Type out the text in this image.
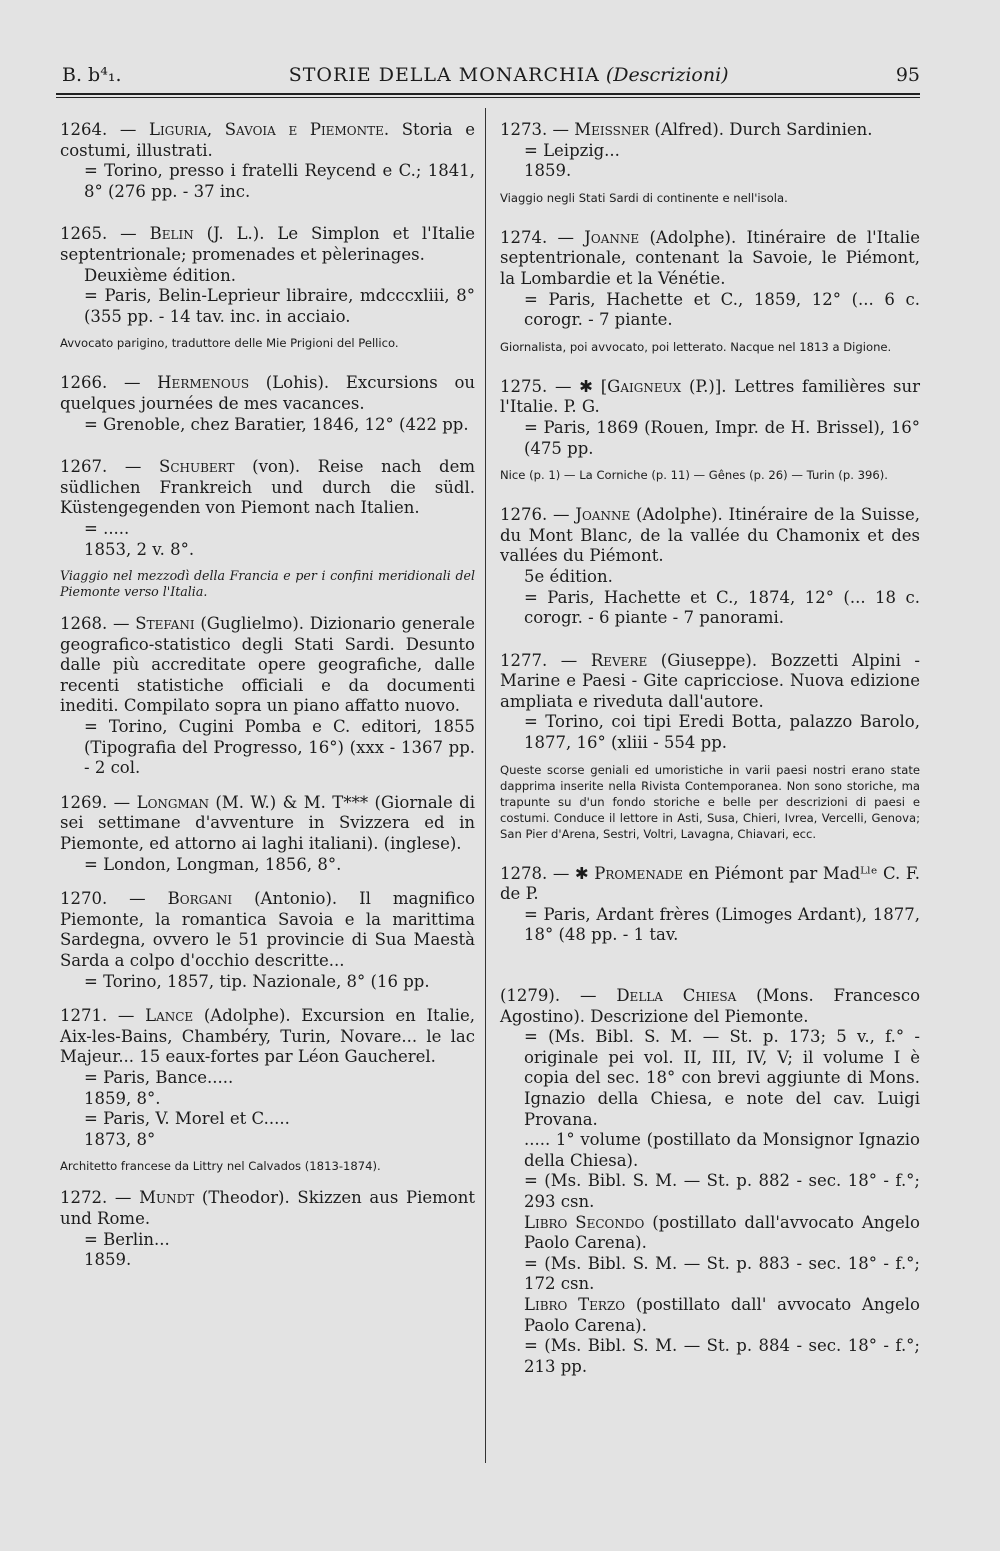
B. b⁴₁.	STORIE DELLA MONARCHIA (Descrizioni)	95

1264. — Liguria, Savoia e Piemonte. Storia e costumi, illustrati.
= Torino, presso i fratelli Reycend e C.; 1841, 8° (276 pp. - 37 inc.

1265. — Belin (J. L.). Le Simplon et l'Italie septentrionale; promenades et pèlerinages.
Deuxième édition.
= Paris, Belin-Leprieur libraire, mdcccxliii, 8° (355 pp. - 14 tav. inc. in acciaio.

Avvocato parigino, traduttore delle Mie Prigioni del Pellico.

1266. — Hermenous (Lohis). Excursions ou quelques journées de mes vacances.
= Grenoble, chez Baratier, 1846, 12° (422 pp.

1267. — Schubert (von). Reise nach dem südlichen Frankreich und durch die südl. Küstengegenden von Piemont nach Italien.
= .....
1853, 2 v. 8°.

Viaggio nel mezzodì della Francia e per i confini meridionali del Piemonte verso l'Italia.

1268. — Stefani (Guglielmo). Dizionario generale geografico-statistico degli Stati Sardi. Desunto dalle più accreditate opere geografiche, dalle recenti statistiche officiali e da documenti inediti. Compilato sopra un piano affatto nuovo.
= Torino, Cugini Pomba e C. editori, 1855 (Tipografia del Progresso, 16°) (xxx - 1367 pp. - 2 col.

1269. — Longman (M. W.) & M. T*** (Giornale di sei settimane d'avventure in Svizzera ed in Piemonte, ed attorno ai laghi italiani). (inglese).
= London, Longman, 1856, 8°.

1270. — Borgani (Antonio). Il magnifico Piemonte, la romantica Savoia e la marittima Sardegna, ovvero le 51 provincie di Sua Maestà Sarda a colpo d'occhio descritte...
= Torino, 1857, tip. Nazionale, 8° (16 pp.

1271. — Lance (Adolphe). Excursion en Italie, Aix-les-Bains, Chambéry, Turin, Novare... le lac Majeur... 15 eaux-fortes par Léon Gaucherel.
= Paris, Bance.....
1859, 8°.
= Paris, V. Morel et C.....
1873, 8°

Architetto francese da Littry nel Calvados (1813-1874).

1272. — Mundt (Theodor). Skizzen aus Piemont und Rome.
= Berlin...
1859.

1273. — Meissner (Alfred). Durch Sardinien.
= Leipzig...
1859.

Viaggio negli Stati Sardi di continente e nell'isola.

1274. — Joanne (Adolphe). Itinéraire de l'Italie septentrionale, contenant la Savoie, le Piémont, la Lombardie et la Vénétie.
= Paris, Hachette et C., 1859, 12° (... 6 c. corogr. - 7 piante.

Giornalista, poi avvocato, poi letterato. Nacque nel 1813 a Digione.

1275. — ✱ [Gaigneux (P.)]. Lettres familières sur l'Italie. P. G.
= Paris, 1869 (Rouen, Impr. de H. Brissel), 16° (475 pp.

Nice (p. 1) — La Corniche (p. 11) — Gênes (p. 26) — Turin (p. 396).

1276. — Joanne (Adolphe). Itinéraire de la Suisse, du Mont Blanc, de la vallée du Chamonix et des vallées du Piémont.
5e édition.
= Paris, Hachette et C., 1874, 12° (... 18 c. corogr. - 6 piante - 7 panorami.

1277. — Revere (Giuseppe). Bozzetti Alpini - Marine e Paesi - Gite capricciose. Nuova edizione ampliata e riveduta dall'autore.
= Torino, coi tipi Eredi Botta, palazzo Barolo, 1877, 16° (xliii - 554 pp.

Queste scorse geniali ed umoristiche in varii paesi nostri erano state dapprima inserite nella Rivista Contemporanea. Non sono storiche, ma trapunte su d'un fondo storiche e belle per descrizioni di paesi e costumi. Conduce il lettore in Asti, Susa, Chieri, Ivrea, Vercelli, Genova; San Pier d'Arena, Sestri, Voltri, Lavagna, Chiavari, ecc.

1278. — ✱ Promenade en Piémont par Madᴸˡᵉ C. F. de P.
= Paris, Ardant frères (Limoges Ardant), 1877, 18° (48 pp. - 1 tav.

(1279). — Della Chiesa (Mons. Francesco Agostino). Descrizione del Piemonte.
= (Ms. Bibl. S. M. — St. p. 173; 5 v., f.° - originale pei vol. II, III, IV, V; il volume I è copia del sec. 18° con brevi aggiunte di Mons. Ignazio della Chiesa, e note del cav. Luigi Provana.
..... 1° volume (postillato da Monsignor Ignazio della Chiesa).
= (Ms. Bibl. S. M. — St. p. 882 - sec. 18° - f.°; 293 csn.
Libro Secondo (postillato dall'avvocato Angelo Paolo Carena).
= (Ms. Bibl. S. M. — St. p. 883 - sec. 18° - f.°; 172 csn.
Libro Terzo (postillato dall' avvocato Angelo Paolo Carena).
= (Ms. Bibl. S. M. — St. p. 884 - sec. 18° - f.°; 213 pp.
